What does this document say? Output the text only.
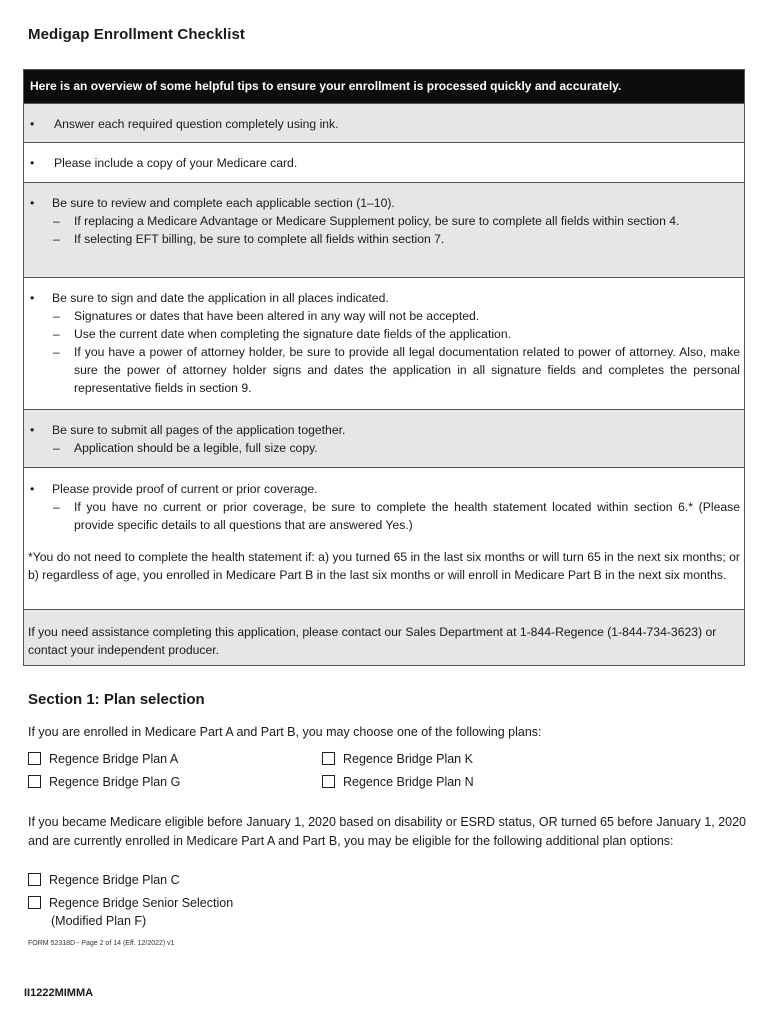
Medigap Enrollment Checklist
Here is an overview of some helpful tips to ensure your enrollment is processed quickly and accurately.
• Answer each required question completely using ink.
• Please include a copy of your Medicare card.
• Be sure to review and complete each applicable section (1–10).
– If replacing a Medicare Advantage or Medicare Supplement policy, be sure to complete all fields within section 4.
– If selecting EFT billing, be sure to complete all fields within section 7.
• Be sure to sign and date the application in all places indicated.
– Signatures or dates that have been altered in any way will not be accepted.
– Use the current date when completing the signature date fields of the application.
– If you have a power of attorney holder, be sure to provide all legal documentation related to power of attorney. Also, make sure the power of attorney holder signs and dates the application in all signature fields and completes the personal representative fields in section 9.
• Be sure to submit all pages of the application together.
– Application should be a legible, full size copy.
• Please provide proof of current or prior coverage.
– If you have no current or prior coverage, be sure to complete the health statement located within section 6.* (Please provide specific details to all questions that are answered Yes.)
*You do not need to complete the health statement if: a) you turned 65 in the last six months or will turn 65 in the next six months; or b) regardless of age, you enrolled in Medicare Part B in the last six months or will enroll in Medicare Part B in the next six months.
If you need assistance completing this application, please contact our Sales Department at 1-844-Regence (1-844-734-3623) or contact your independent producer.
Section 1: Plan selection
If you are enrolled in Medicare Part A and Part B, you may choose one of the following plans:
Regence Bridge Plan A	Regence Bridge Plan K
Regence Bridge Plan G	Regence Bridge Plan N
If you became Medicare eligible before January 1, 2020 based on disability or ESRD status, OR turned 65 before January 1, 2020 and are currently enrolled in Medicare Part A and Part B, you may be eligible for the following additional plan options:
Regence Bridge Plan C
Regence Bridge Senior Selection
(Modified Plan F)
FORM 52318D - Page 2 of 14 (Eff. 12/2022) v1
II1222MIMMA
